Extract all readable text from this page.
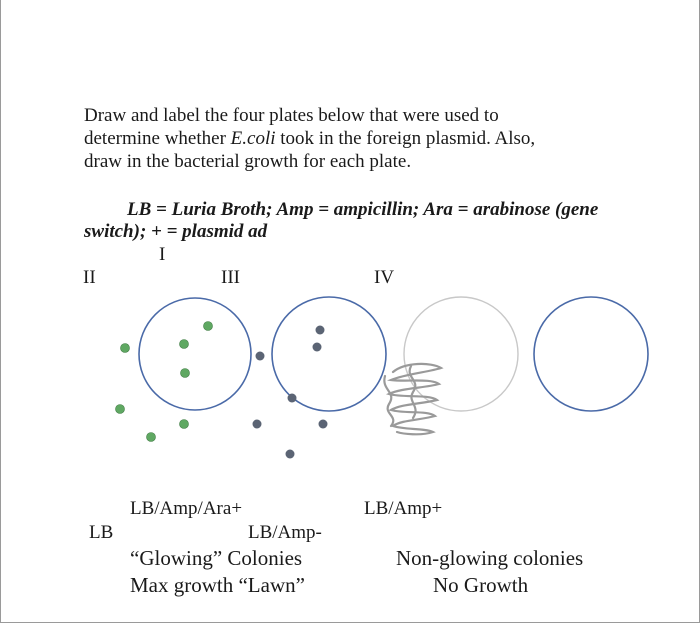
Draw and label the four plates below that were used to
determine whether E.coli took in the foreign plasmid. Also,
draw in the bacterial growth for each plate.
LB = Luria Broth; Amp = ampicillin; Ara = arabinose (gene
switch); + = plasmid ad
I
II	III	IV
LB/Amp/Ara+	LB/Amp+
LB	LB/Amp-
“Glowing” Colonies	Non-glowing colonies
Max growth “Lawn”	No Growth
